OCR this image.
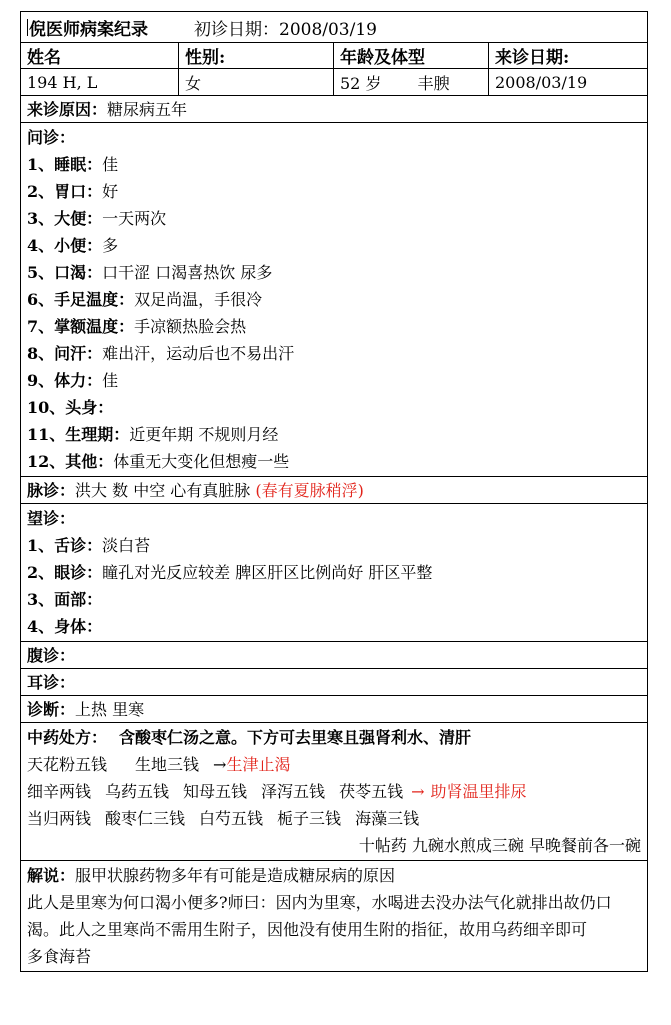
倪医师病案纪录	初诊日期：2008/03/19
姓名	性别:	年龄及体型	来诊日期:
194 H, L	女	52 岁 丰腴	2008/03/19
来诊原因：糖尿病五年
问诊：
1、睡眠：佳
2、胃口：好
3、大便：一天两次
4、小便：多
5、口渴：口干涩 口渴喜热饮 尿多
6、手足温度：双足尚温，手很冷
7、掌额温度：手凉额热脸会热
8、问汗：难出汗，运动后也不易出汗
9、体力：佳
10、头身：
11、生理期：近更年期 不规则月经
12、其他：体重无大变化但想瘦一些
脉诊：洪大 数 中空 心有真脏脉 (春有夏脉稍浮)
望诊：
1、舌诊：淡白苔
2、眼诊：瞳孔对光反应较差 脾区肝区比例尚好 肝区平整
3、面部：
4、身体：
腹诊：
耳诊：
诊断：上热 里寒
中药处方： 含酸枣仁汤之意。下方可去里寒且强肾利水、清肝
天花粉五钱 生地三钱 →生津止渴
细辛两钱 乌药五钱 知母五钱 泽泻五钱 茯苓五钱 → 助肾温里排尿
当归两钱 酸枣仁三钱 白芍五钱 栀子三钱 海藻三钱
十帖药 九碗水煎成三碗 早晚餐前各一碗
解说：服甲状腺药物多年有可能是造成糖尿病的原因
此人是里寒为何口渴小便多?师曰：因内为里寒，水喝进去没办法气化就排出故仍口渴。此人之里寒尚不需用生附子，因他没有使用生附的指征，故用乌药细辛即可
多食海苔
